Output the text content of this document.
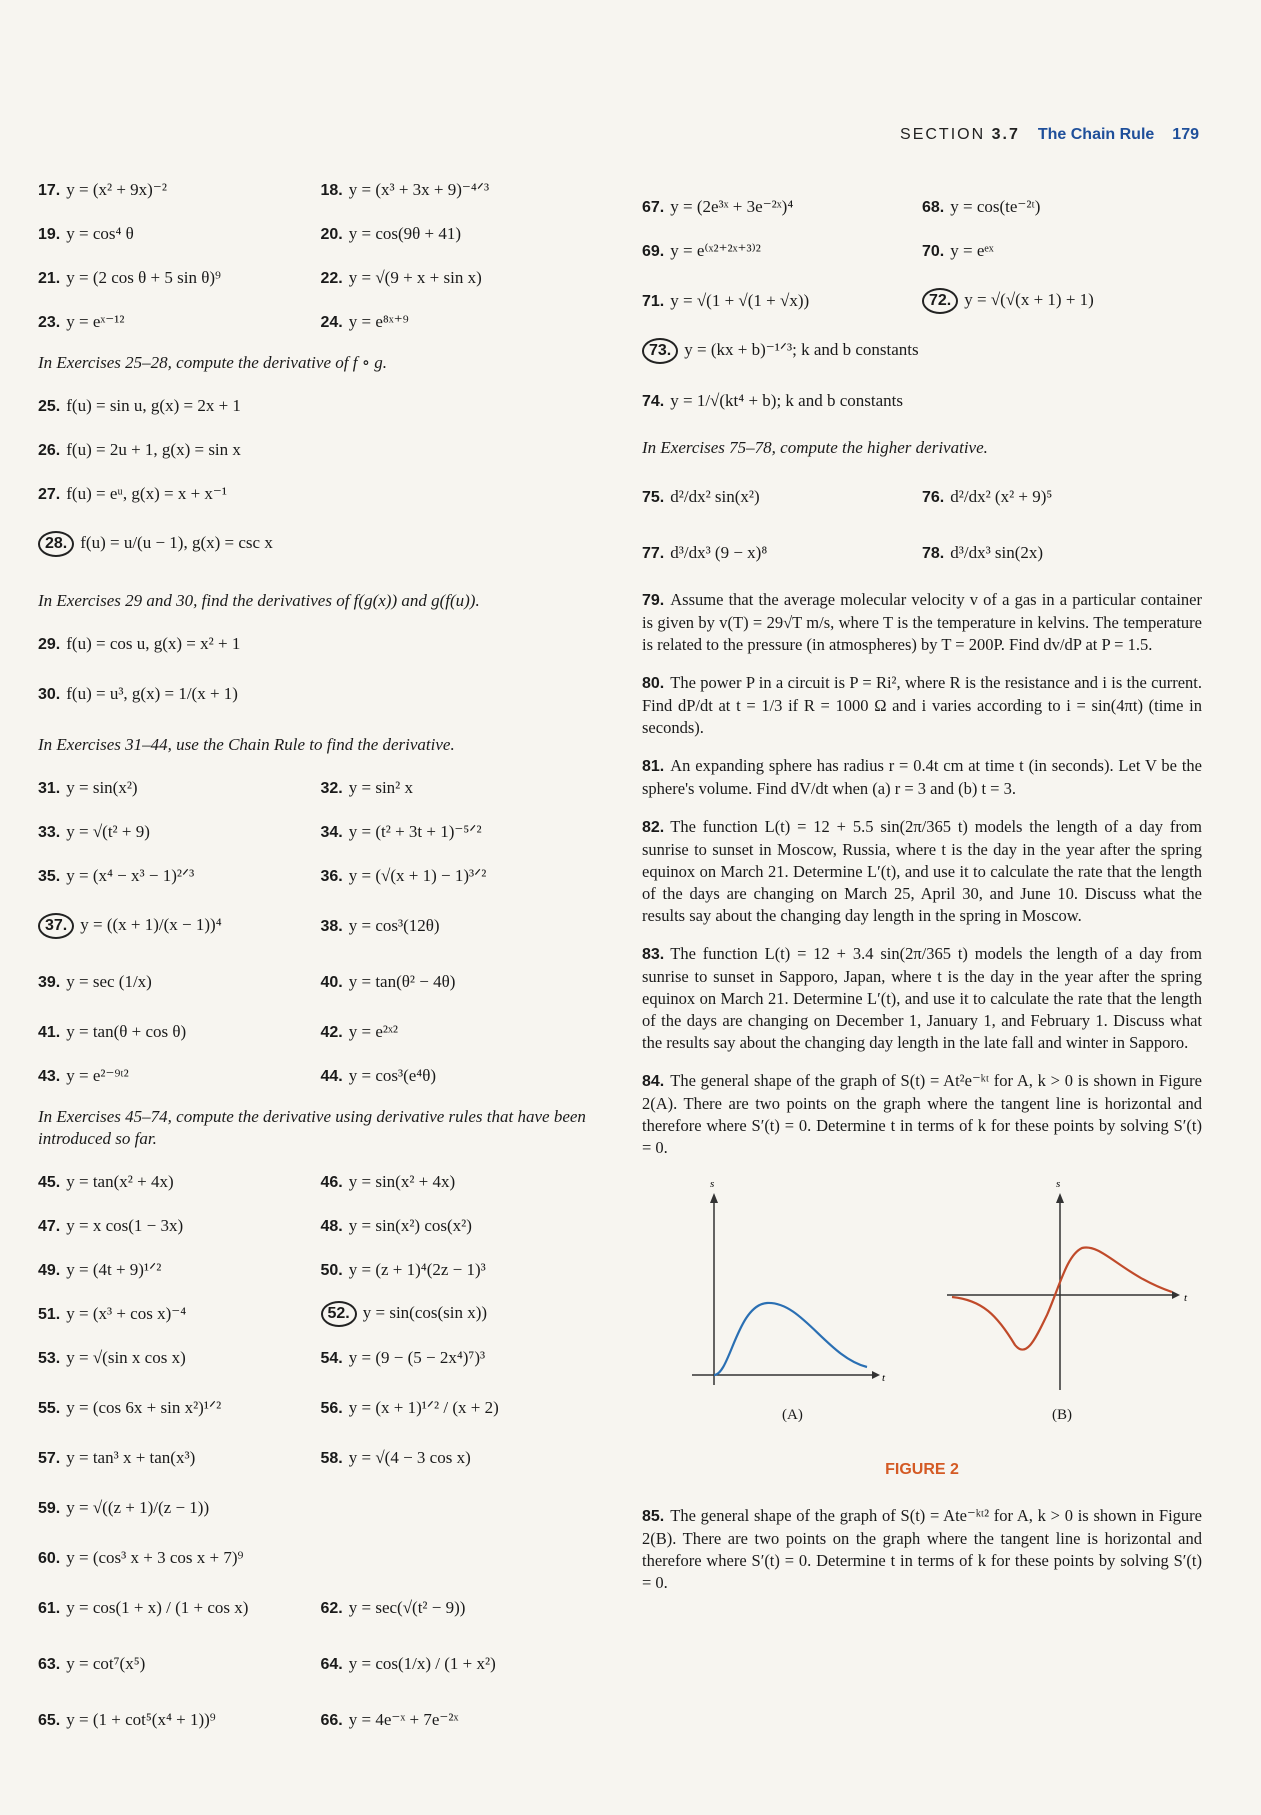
SECTION 3.7 The Chain Rule 179
17. y = (x² + 9x)⁻²	18. y = (x³ + 3x + 9)⁻⁴ᐟ³
19. y = cos⁴ θ	20. y = cos(9θ + 41)
21. y = (2 cos θ + 5 sin θ)⁹	22. y = √(9 + x + sin x)
23. y = eˣ⁻¹²	24. y = e⁸ˣ⁺⁹
In Exercises 25–28, compute the derivative of f ∘ g.
25. f(u) = sin u, g(x) = 2x + 1
26. f(u) = 2u + 1, g(x) = sin x
27. f(u) = eᵘ, g(x) = x + x⁻¹
28. f(u) = u/(u − 1), g(x) = csc x
In Exercises 29 and 30, find the derivatives of f(g(x)) and g(f(u)).
29. f(u) = cos u, g(x) = x² + 1
30. f(u) = u³, g(x) = 1/(x + 1)
In Exercises 31–44, use the Chain Rule to find the derivative.
31. y = sin(x²)	32. y = sin² x
33. y = √(t² + 9)	34. y = (t² + 3t + 1)⁻⁵ᐟ²
35. y = (x⁴ − x³ − 1)²ᐟ³	36. y = (√(x + 1) − 1)³ᐟ²
37. y = ((x + 1)/(x − 1))⁴	38. y = cos³(12θ)
39. y = sec (1/x)	40. y = tan(θ² − 4θ)
41. y = tan(θ + cos θ)	42. y = e²ˣ²
43. y = e²⁻⁹ᵗ²	44. y = cos³(e⁴θ)
In Exercises 45–74, compute the derivative using derivative rules that have been introduced so far.
45. y = tan(x² + 4x)	46. y = sin(x² + 4x)
47. y = x cos(1 − 3x)	48. y = sin(x²) cos(x²)
49. y = (4t + 9)¹ᐟ²	50. y = (z + 1)⁴(2z − 1)³
51. y = (x³ + cos x)⁻⁴	52. y = sin(cos(sin x))
53. y = √(sin x cos x)	54. y = (9 − (5 − 2x⁴)⁷)³
55. y = (cos 6x + sin x²)¹ᐟ²	56. y = (x + 1)¹ᐟ² / (x + 2)
57. y = tan³ x + tan(x³)	58. y = √(4 − 3 cos x)
59. y = √((z + 1)/(z − 1))
60. y = (cos³ x + 3 cos x + 7)⁹
61. y = cos(1 + x) / (1 + cos x)	62. y = sec(√(t² − 9))
63. y = cot⁷(x⁵)	64. y = cos(1/x) / (1 + x²)
65. y = (1 + cot⁵(x⁴ + 1))⁹	66. y = 4e⁻ˣ + 7e⁻²ˣ
67. y = (2e³ˣ + 3e⁻²ˣ)⁴	68. y = cos(te⁻²ᵗ)
69. y = e⁽ˣ²⁺²ˣ⁺³⁾²	70. y = eᵉˣ
71. y = √(1 + √(1 + √x))	72. y = √(√(x + 1) + 1)
73. y = (kx + b)⁻¹ᐟ³; k and b constants
74. y = 1/√(kt⁴ + b); k and b constants
In Exercises 75–78, compute the higher derivative.
75. d²/dx² sin(x²)	76. d²/dx² (x² + 9)⁵
77. d³/dx³ (9 − x)⁸	78. d³/dx³ sin(2x)
79. Assume that the average molecular velocity v of a gas in a particular container is given by v(T) = 29√T m/s, where T is the temperature in kelvins. The temperature is related to the pressure (in atmospheres) by T = 200P. Find dv/dP at P = 1.5.
80. The power P in a circuit is P = Ri², where R is the resistance and i is the current. Find dP/dt at t = 1/3 if R = 1000 Ω and i varies according to i = sin(4πt) (time in seconds).
81. An expanding sphere has radius r = 0.4t cm at time t (in seconds). Let V be the sphere's volume. Find dV/dt when (a) r = 3 and (b) t = 3.
82. The function L(t) = 12 + 5.5 sin(2π/365 t) models the length of a day from sunrise to sunset in Moscow, Russia, where t is the day in the year after the spring equinox on March 21. Determine L′(t), and use it to calculate the rate that the length of the days are changing on March 25, April 30, and June 10. Discuss what the results say about the changing day length in the spring in Moscow.
83. The function L(t) = 12 + 3.4 sin(2π/365 t) models the length of a day from sunrise to sunset in Sapporo, Japan, where t is the day in the year after the spring equinox on March 21. Determine L′(t), and use it to calculate the rate that the length of the days are changing on December 1, January 1, and February 1. Discuss what the results say about the changing day length in the late fall and winter in Sapporo.
84. The general shape of the graph of S(t) = At²e⁻ᵏᵗ for A, k > 0 is shown in Figure 2(A). There are two points on the graph where the tangent line is horizontal and therefore where S′(t) = 0. Determine t in terms of k for these points by solving S′(t) = 0.
s
t
s
t
(A)	(B)
FIGURE 2
85. The general shape of the graph of S(t) = Ate⁻ᵏᵗ² for A, k > 0 is shown in Figure 2(B). There are two points on the graph where the tangent line is horizontal and therefore where S′(t) = 0. Determine t in terms of k for these points by solving S′(t) = 0.
